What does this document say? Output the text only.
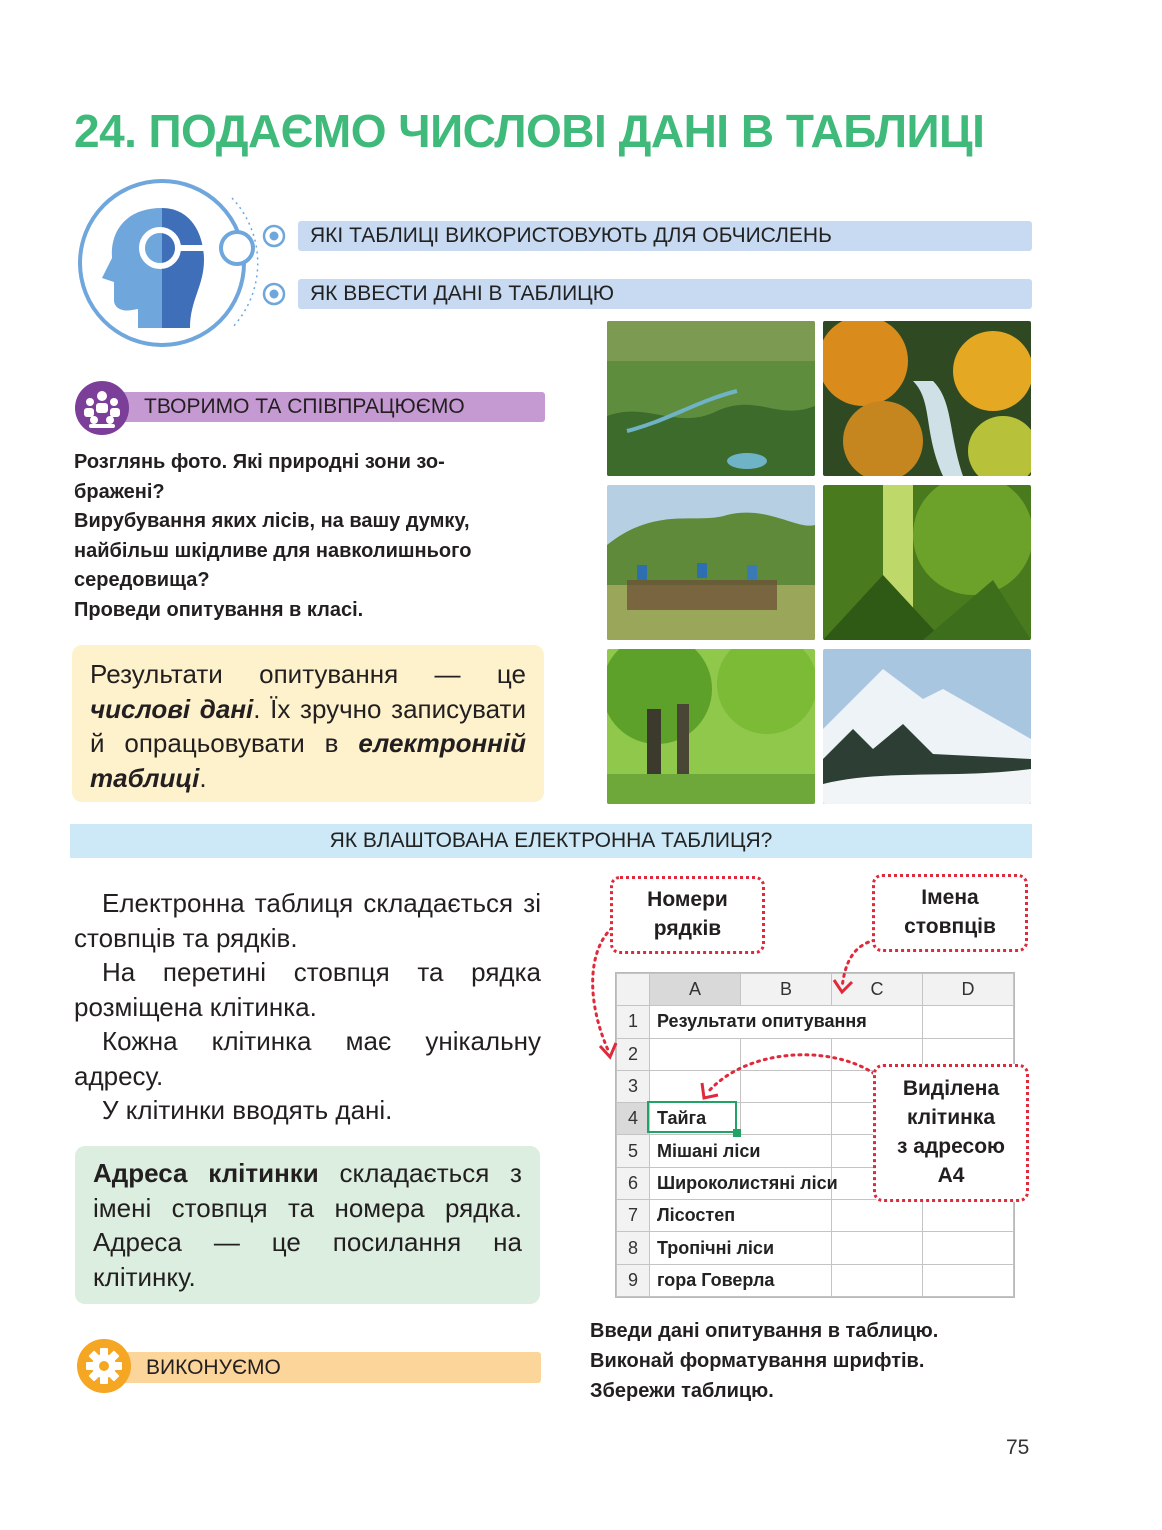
24. ПОДАЄМО ЧИСЛОВІ ДАНІ В ТАБЛИЦІ
ЯКІ ТАБЛИЦІ ВИКОРИСТОВУЮТЬ ДЛЯ ОБЧИСЛЕНЬ
ЯК ВВЕСТИ ДАНІ В ТАБЛИЦЮ
ТВОРИМО ТА СПІВПРАЦЮЄМО
Розглянь фото. Які природні зони зо-
бражені?
Вирубування яких лісів, на вашу думку,
найбільш шкідливе для навколишнього
середовища?
Проведи опитування в класі.
Результати опитування — це числові дані. Їх зручно записувати й опрацьовувати в електронній таблиці.
ЯК ВЛАШТОВАНА ЕЛЕКТРОННА ТАБЛИЦЯ?

Електронна таблиця складається зі стовпців та рядків.

На перетині стовпця та рядка розміщена клітинка.

Кожна клітинка має унікальну адресу.

У клітинки вводять дані.

Адреса клітинки складається з імені стовпця та номера рядка. Адреса — це посилання на клітинку.
ВИКОНУЄМО
	A	B	C	D
1	Результати опитування			
2				
3				
4	Тайга			
5	Мішані ліси			
6	Широколистяні ліси			
7	Лісостеп			
8	Тропічні ліси			
9	гора Говерла			
Номери
рядків
Імена
стовпців
Виділена
клітинка
з адресою
А4
Введи дані опитування в таблицю.
Виконай форматування шрифтів.
Збережи таблицю.
75
